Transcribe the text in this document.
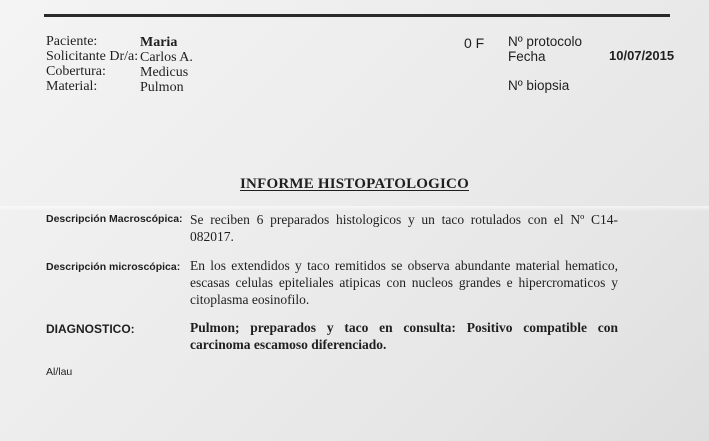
Paciente:	Maria
Solicitante Dr/a: Carlos A.
Cobertura: Medicus
Material:	Pulmon
0 F Nº protocolo
Fecha	10/07/2015
Nº biopsia
INFORME HISTOPATOLOGICO
Descripción Macroscópica: Se reciben 6 preparados histologicos y un taco rotulados con el Nº C14-082017.
Descripción microscópica: En los extendidos y taco remitidos se observa abundante material hematico, escasas celulas epiteliales atipicas con nucleos grandes e hipercromaticos y citoplasma eosinofilo.
DIAGNOSTICO:	Pulmon; preparados y taco en consulta: Positivo compatible con carcinoma escamoso diferenciado.
Al/lau
